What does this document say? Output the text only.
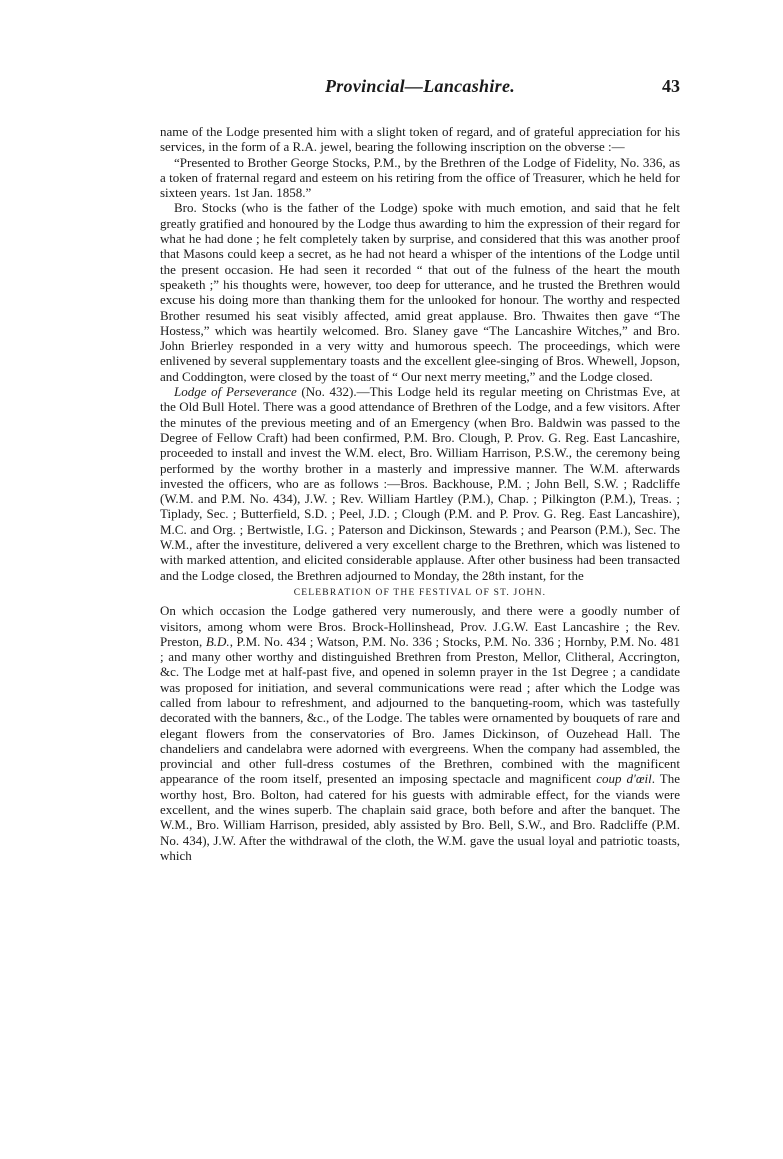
Provincial—Lancashire.	43

name of the Lodge presented him with a slight token of regard, and of grateful appreciation for his services, in the form of a R.A. jewel, bearing the following inscription on the obverse :—

“Presented to Brother George Stocks, P.M., by the Brethren of the Lodge of Fidelity, No. 336, as a token of fraternal regard and esteem on his retiring from the office of Treasurer, which he held for sixteen years. 1st Jan. 1858.”

Bro. Stocks (who is the father of the Lodge) spoke with much emotion, and said that he felt greatly gratified and honoured by the Lodge thus awarding to him the expression of their regard for what he had done ; he felt completely taken by surprise, and considered that this was another proof that Masons could keep a secret, as he had not heard a whisper of the intentions of the Lodge until the present occasion. He had seen it recorded “ that out of the fulness of the heart the mouth speaketh ;” his thoughts were, however, too deep for utterance, and he trusted the Brethren would excuse his doing more than thanking them for the unlooked for honour. The worthy and respected Brother resumed his seat visibly affected, amid great applause. Bro. Thwaites then gave “The Hostess,” which was heartily welcomed. Bro. Slaney gave “The Lancashire Witches,” and Bro. John Brierley responded in a very witty and humorous speech. The proceedings, which were enlivened by several supplementary toasts and the excellent glee-singing of Bros. Whewell, Jopson, and Coddington, were closed by the toast of “ Our next merry meeting,” and the Lodge closed.

Lodge of Perseverance (No. 432).—This Lodge held its regular meeting on Christmas Eve, at the Old Bull Hotel. There was a good attendance of Brethren of the Lodge, and a few visitors. After the minutes of the previous meeting and of an Emergency (when Bro. Baldwin was passed to the Degree of Fellow Craft) had been confirmed, P.M. Bro. Clough, P. Prov. G. Reg. East Lancashire, proceeded to install and invest the W.M. elect, Bro. William Harrison, P.S.W., the ceremony being performed by the worthy brother in a masterly and impressive manner. The W.M. afterwards invested the officers, who are as follows :—Bros. Backhouse, P.M. ; John Bell, S.W. ; Radcliffe (W.M. and P.M. No. 434), J.W. ; Rev. William Hartley (P.M.), Chap. ; Pilkington (P.M.), Treas. ; Tiplady, Sec. ; Butterfield, S.D. ; Peel, J.D. ; Clough (P.M. and P. Prov. G. Reg. East Lancashire), M.C. and Org. ; Bertwistle, I.G. ; Paterson and Dickinson, Stewards ; and Pearson (P.M.), Sec. The W.M., after the investiture, delivered a very excellent charge to the Brethren, which was listened to with marked attention, and elicited considerable applause. After other business had been transacted and the Lodge closed, the Brethren adjourned to Monday, the 28th instant, for the

CELEBRATION OF THE FESTIVAL OF ST. JOHN.

On which occasion the Lodge gathered very numerously, and there were a goodly number of visitors, among whom were Bros. Brock-Hollinshead, Prov. J.G.W. East Lancashire ; the Rev. Preston, B.D., P.M. No. 434 ; Watson, P.M. No. 336 ; Stocks, P.M. No. 336 ; Hornby, P.M. No. 481 ; and many other worthy and distinguished Brethren from Preston, Mellor, Clitheral, Accrington, &c. The Lodge met at half-past five, and opened in solemn prayer in the 1st Degree ; a candidate was proposed for initiation, and several communications were read ; after which the Lodge was called from labour to refreshment, and adjourned to the banqueting-room, which was tastefully decorated with the banners, &c., of the Lodge. The tables were ornamented by bouquets of rare and elegant flowers from the conservatories of Bro. James Dickinson, of Ouzehead Hall. The chandeliers and candelabra were adorned with evergreens. When the company had assembled, the provincial and other full-dress costumes of the Brethren, combined with the magnificent appearance of the room itself, presented an imposing spectacle and magnificent coup d'œil. The worthy host, Bro. Bolton, had catered for his guests with admirable effect, for the viands were excellent, and the wines superb. The chaplain said grace, both before and after the banquet. The W.M., Bro. William Harrison, presided, ably assisted by Bro. Bell, S.W., and Bro. Radcliffe (P.M. No. 434), J.W. After the withdrawal of the cloth, the W.M. gave the usual loyal and patriotic toasts, which
